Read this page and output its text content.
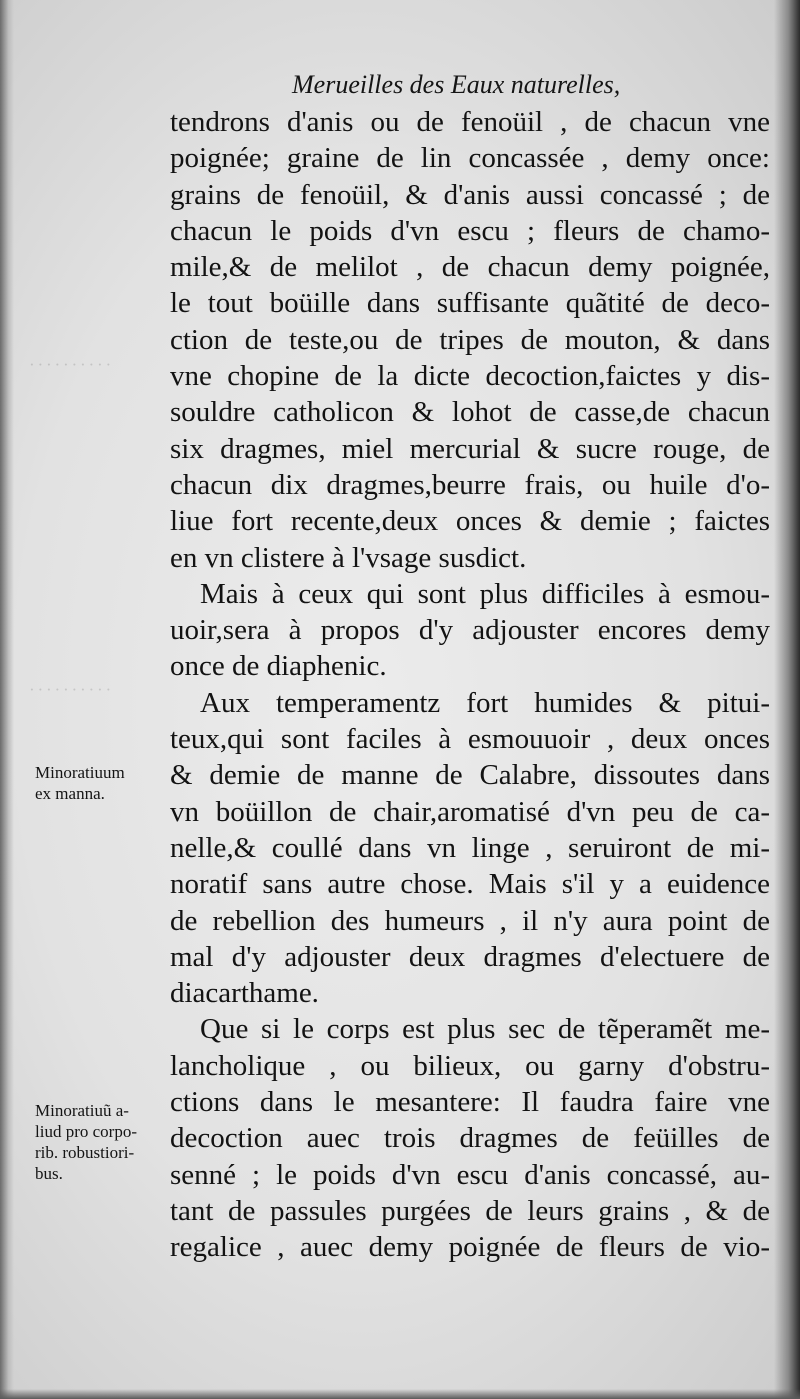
· · · · · · · · · ·
· · · · · · · · · ·
Merueilles des Eaux naturelles,
tendrons d'anis ou de fenoüil , de chacun vne
poignée; graine de lin concassée , demy once:
grains de fenoüil, & d'anis aussi concassé ; de
chacun le poids d'vn escu ; fleurs de chamo-
mile,& de melilot , de chacun demy poignée,
le tout boüille dans suffisante quãtité de deco-
ction de teste,ou de tripes de mouton, & dans
vne chopine de la dicte decoction,faictes y dis-
souldre catholicon & lohot de casse,de chacun
six dragmes, miel mercurial & sucre rouge, de
chacun dix dragmes,beurre frais, ou huile d'o-
liue fort recente,deux onces & demie ; faictes
en vn clistere à l'vsage susdict.
Mais à ceux qui sont plus difficiles à esmou-
uoir,sera à propos d'y adjouster encores demy
once de diaphenic.
Aux temperamentz fort humides & pitui-
teux,qui sont faciles à esmouuoir , deux onces
& demie de manne de Calabre, dissoutes dans
vn boüillon de chair,aromatisé d'vn peu de ca-
nelle,& coullé dans vn linge , seruiront de mi-
noratif sans autre chose. Mais s'il y a euidence
de rebellion des humeurs , il n'y aura point de
mal d'y adjouster deux dragmes d'electuere de
diacarthame.
Que si le corps est plus sec de tẽperamẽt me-
lancholique , ou bilieux, ou garny d'obstru-
ctions dans le mesantere: Il faudra faire vne
decoction auec trois dragmes de feüilles de
senné ; le poids d'vn escu d'anis concassé, au-
tant de passules purgées de leurs grains , & de
regalice , auec demy poignée de fleurs de vio-
Minoratiuum
ex manna.
Minoratiuũ a-
liud pro corpo-
rib. robustiori-
bus.
